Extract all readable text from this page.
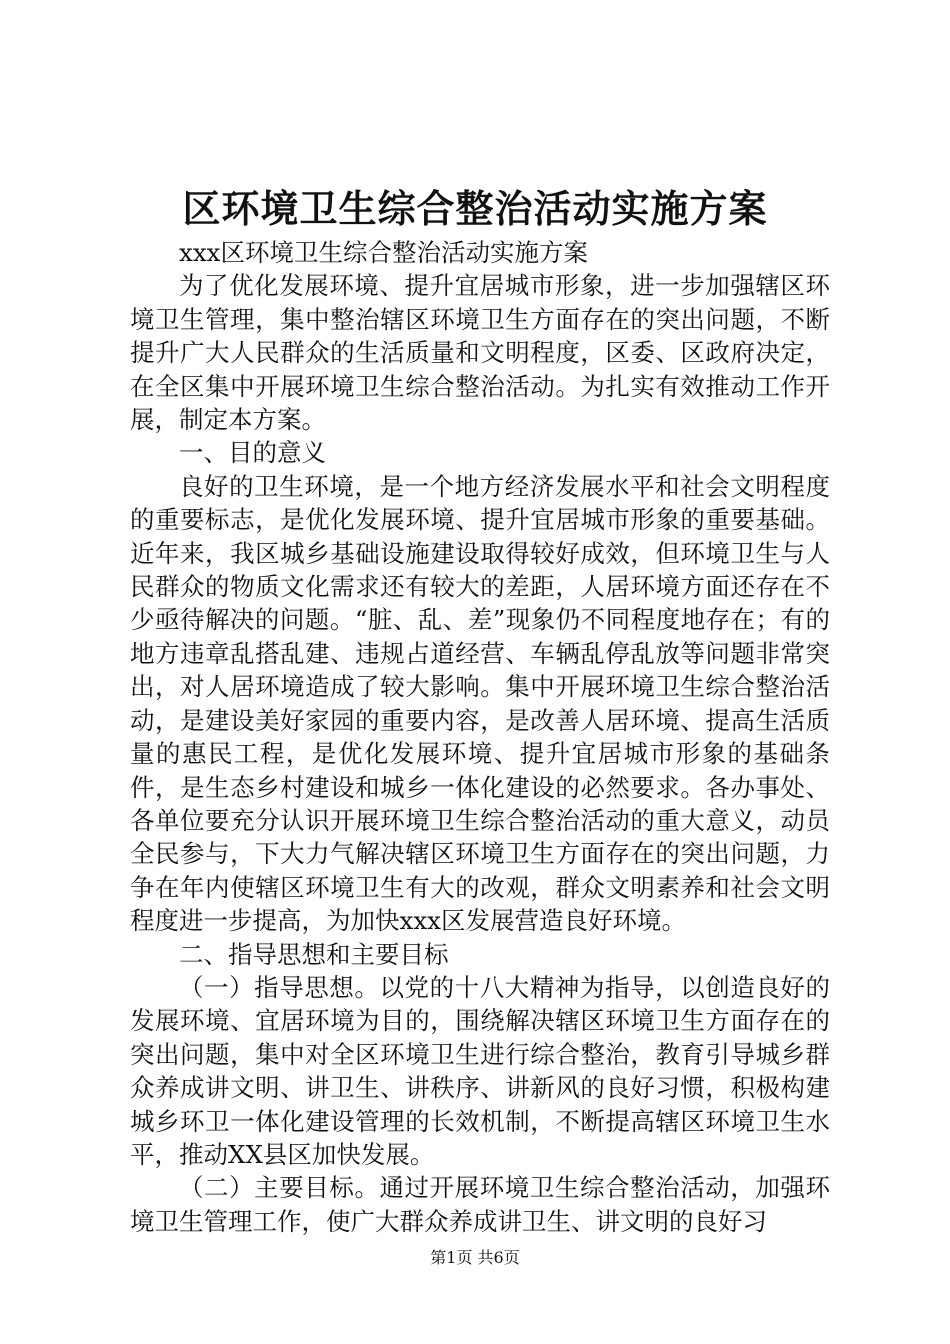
区环境卫生综合整治活动实施方案

xxx区环境卫生综合整治活动实施方案

为了优化发展环境、提升宜居城市形象，进一步加强辖区环境卫生管理，集中整治辖区环境卫生方面存在的突出问题，不断提升广大人民群众的生活质量和文明程度，区委、区政府决定，在全区集中开展环境卫生综合整治活动。为扎实有效推动工作开展，制定本方案。

一、目的意义

良好的卫生环境，是一个地方经济发展水平和社会文明程度的重要标志，是优化发展环境、提升宜居城市形象的重要基础。近年来，我区城乡基础设施建设取得较好成效，但环境卫生与人民群众的物质文化需求还有较大的差距，人居环境方面还存在不少亟待解决的问题。“脏、乱、差”现象仍不同程度地存在；有的地方违章乱搭乱建、违规占道经营、车辆乱停乱放等问题非常突出，对人居环境造成了较大影响。集中开展环境卫生综合整治活动，是建设美好家园的重要内容，是改善人居环境、提高生活质量的惠民工程，是优化发展环境、提升宜居城市形象的基础条件，是生态乡村建设和城乡一体化建设的必然要求。各办事处、各单位要充分认识开展环境卫生综合整治活动的重大意义，动员全民参与，下大力气解决辖区环境卫生方面存在的突出问题，力争在年内使辖区环境卫生有大的改观，群众文明素养和社会文明程度进一步提高，为加快xxx区发展营造良好环境。

二、指导思想和主要目标

（一）指导思想。以党的十八大精神为指导，以创造良好的发展环境、宜居环境为目的，围绕解决辖区环境卫生方面存在的突出问题，集中对全区环境卫生进行综合整治，教育引导城乡群众养成讲文明、讲卫生、讲秩序、讲新风的良好习惯，积极构建城乡环卫一体化建设管理的长效机制，不断提高辖区环境卫生水平，推动XX县区加快发展。

（二）主要目标。通过开展环境卫生综合整治活动，加强环境卫生管理工作，使广大群众养成讲卫生、讲文明的良好习

第1页 共6页
